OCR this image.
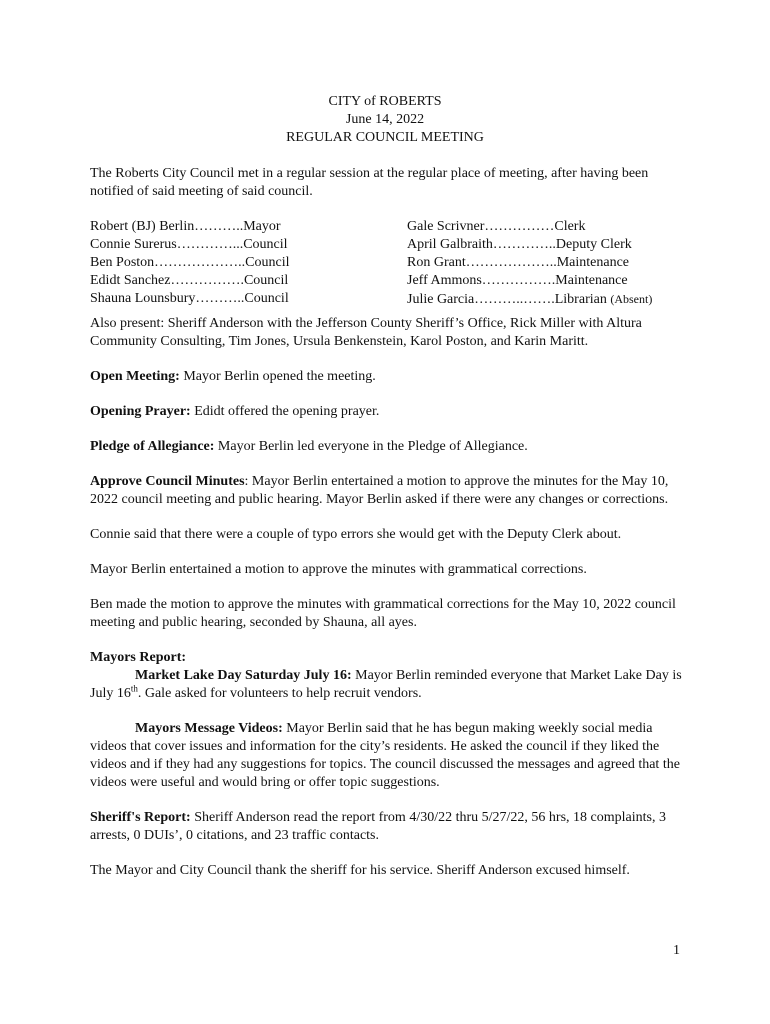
CITY of ROBERTS
June 14, 2022
REGULAR COUNCIL MEETING

The Roberts City Council met in a regular session at the regular place of meeting, after having been notified of said meeting of said council.

Robert (BJ) Berlin………..Mayor
Connie Surerus…………...Council
Ben Poston………………..Council
Edidt Sanchez…………….Council
Shauna Lounsbury………..Council
Gale Scrivner……………Clerk
April Galbraith…………..Deputy Clerk
Ron Grant………………..Maintenance
Jeff Ammons…………….Maintenance
Julie Garcia………..…….Librarian (Absent)

Also present: Sheriff Anderson with the Jefferson County Sheriff’s Office, Rick Miller with Altura Community Consulting, Tim Jones, Ursula Benkenstein, Karol Poston, and Karin Maritt.

Open Meeting: Mayor Berlin opened the meeting.

Opening Prayer: Edidt offered the opening prayer.

Pledge of Allegiance: Mayor Berlin led everyone in the Pledge of Allegiance.

Approve Council Minutes: Mayor Berlin entertained a motion to approve the minutes for the May 10, 2022 council meeting and public hearing. Mayor Berlin asked if there were any changes or corrections.

Connie said that there were a couple of typo errors she would get with the Deputy Clerk about.

Mayor Berlin entertained a motion to approve the minutes with grammatical corrections.

Ben made the motion to approve the minutes with grammatical corrections for the May 10, 2022 council meeting and public hearing, seconded by Shauna, all ayes.

Mayors Report:
Market Lake Day Saturday July 16: Mayor Berlin reminded everyone that Market Lake Day is July 16th. Gale asked for volunteers to help recruit vendors.

Mayors Message Videos: Mayor Berlin said that he has begun making weekly social media videos that cover issues and information for the city’s residents. He asked the council if they liked the videos and if they had any suggestions for topics. The council discussed the messages and agreed that the videos were useful and would bring or offer topic suggestions.

Sheriff's Report: Sheriff Anderson read the report from 4/30/22 thru 5/27/22, 56 hrs, 18 complaints, 3 arrests, 0 DUIs’, 0 citations, and 23 traffic contacts.

The Mayor and City Council thank the sheriff for his service. Sheriff Anderson excused himself.

1
